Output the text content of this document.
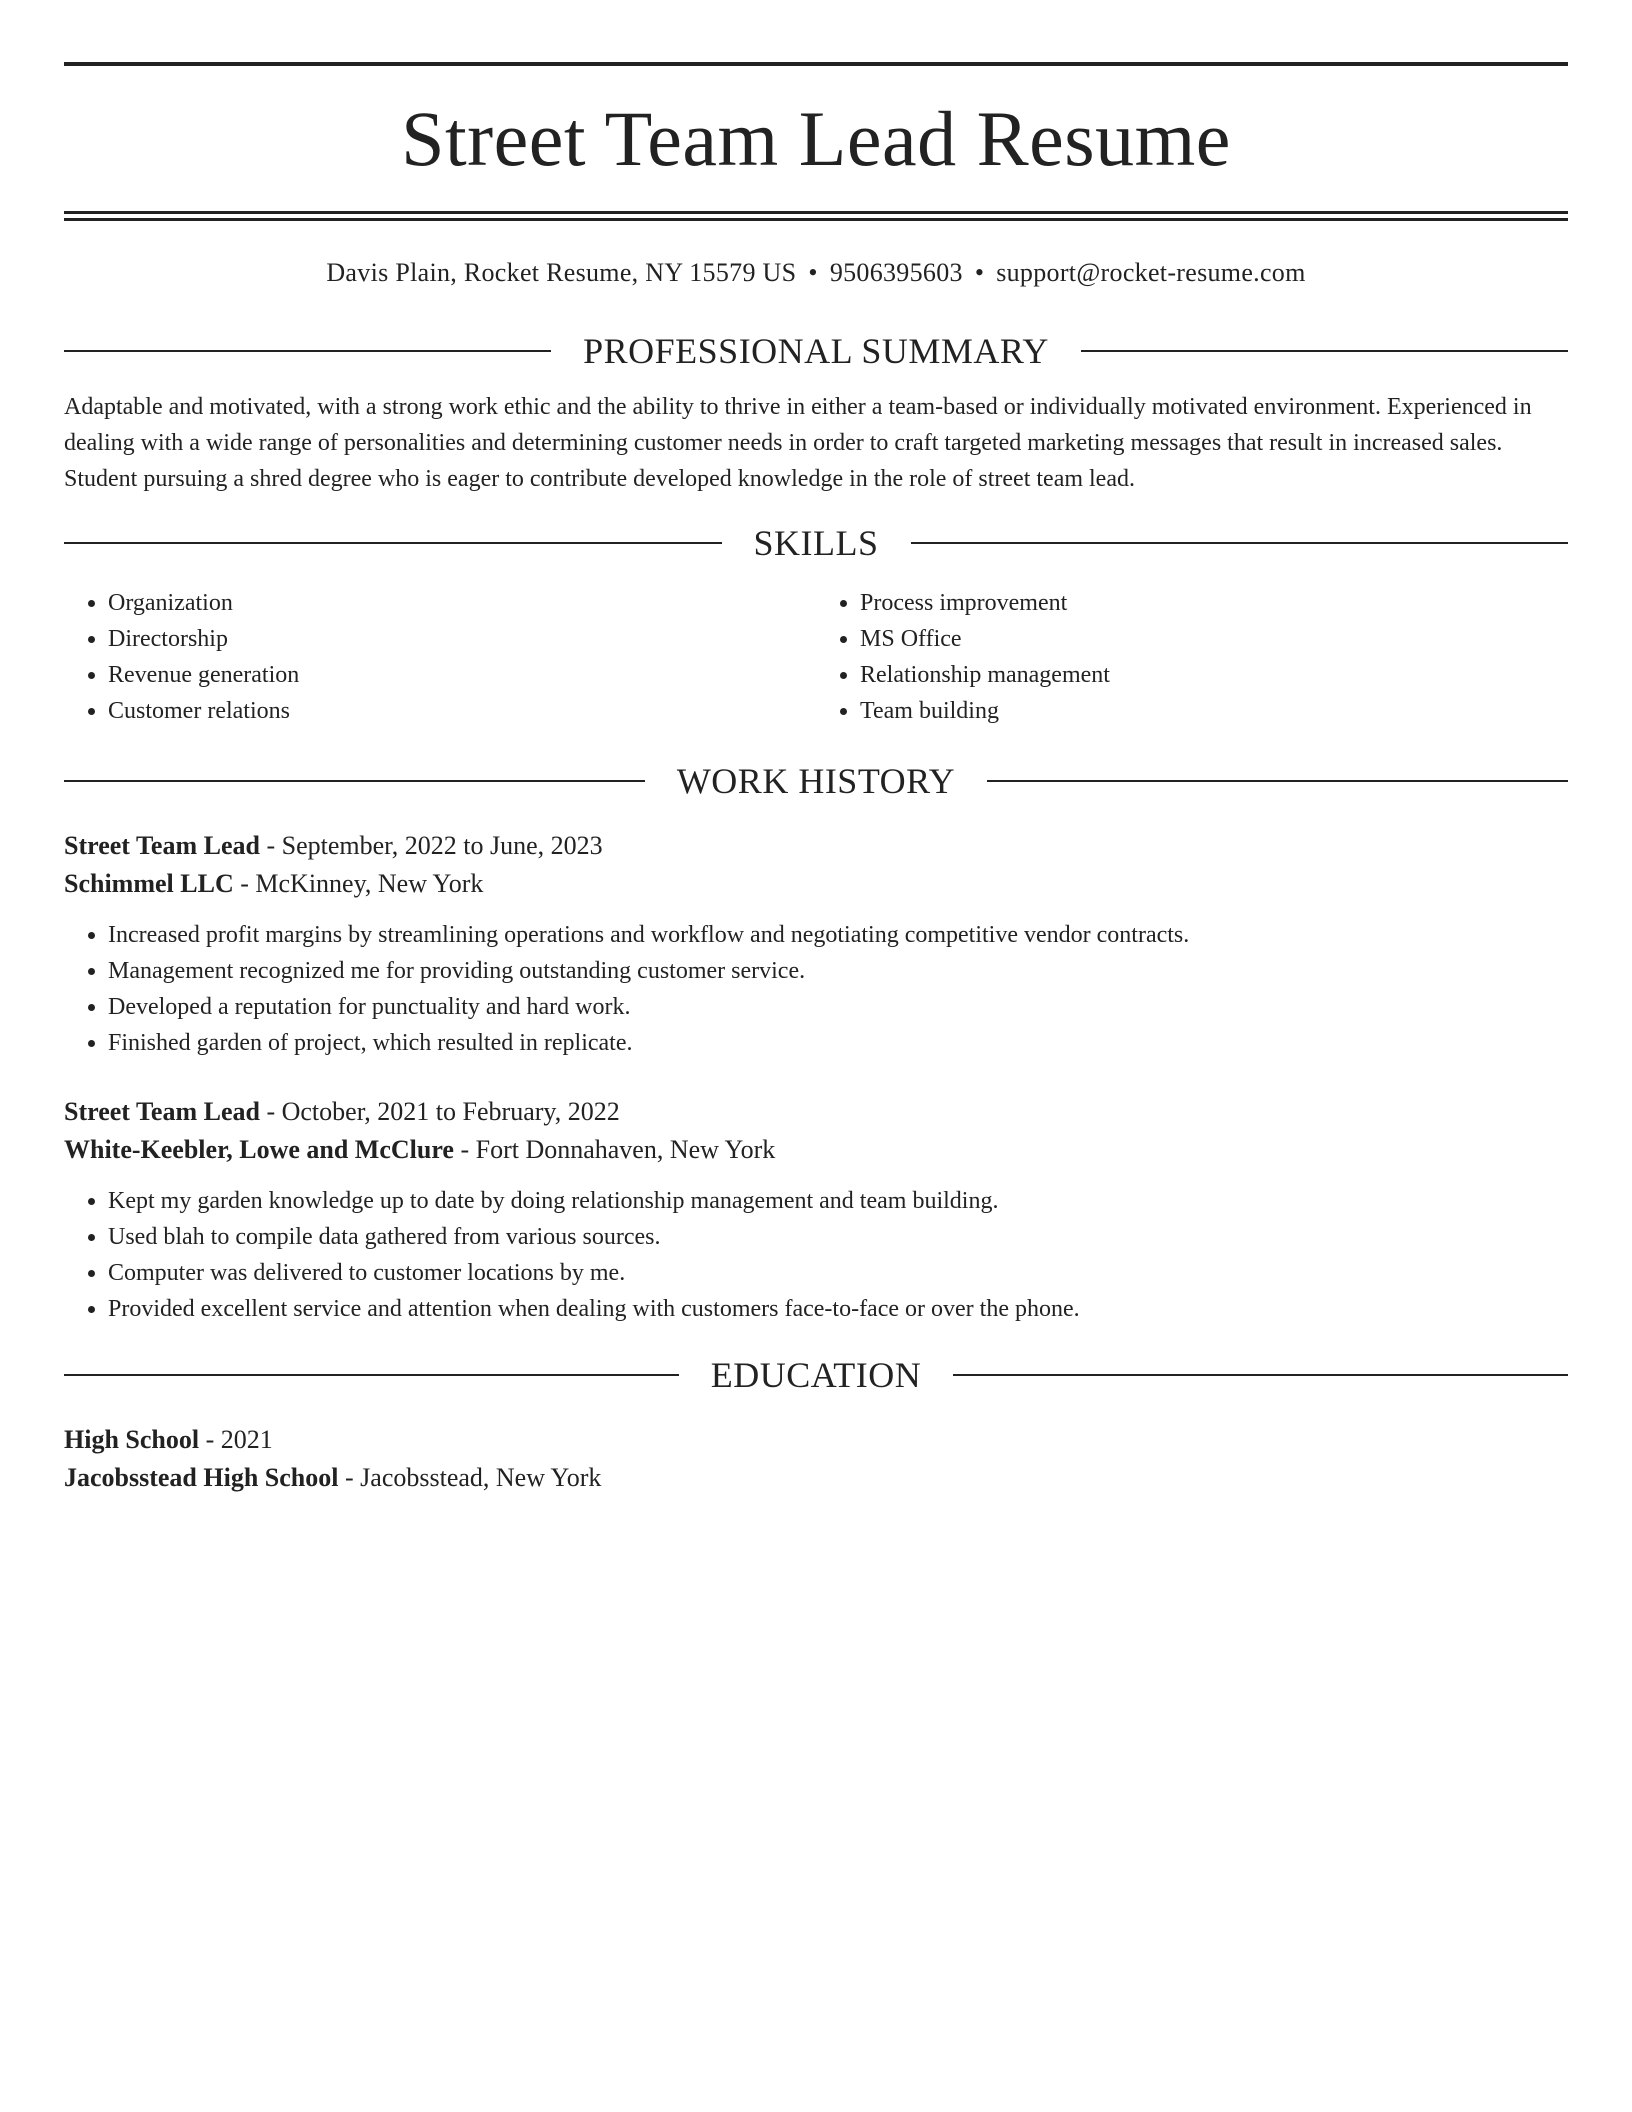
Street Team Lead Resume
Davis Plain, Rocket Resume, NY 15579 US • 9506395603 • support@rocket-resume.com
PROFESSIONAL SUMMARY

Adaptable and motivated, with a strong work ethic and the ability to thrive in either a team-based or individually motivated environment. Experienced in dealing with a wide range of personalities and determining customer needs in order to craft targeted marketing messages that result in increased sales. Student pursuing a shred degree who is eager to contribute developed knowledge in the role of street team lead.

SKILLS
• Organization
• Directorship
• Revenue generation
• Customer relations
• Process improvement
• MS Office
• Relationship management
• Team building
WORK HISTORY
Street Team Lead - September, 2022 to June, 2023
Schimmel LLC - McKinney, New York
• Increased profit margins by streamlining operations and workflow and negotiating competitive vendor contracts.
• Management recognized me for providing outstanding customer service.
• Developed a reputation for punctuality and hard work.
• Finished garden of project, which resulted in replicate.
Street Team Lead - October, 2021 to February, 2022
White-Keebler, Lowe and McClure - Fort Donnahaven, New York
• Kept my garden knowledge up to date by doing relationship management and team building.
• Used blah to compile data gathered from various sources.
• Computer was delivered to customer locations by me.
• Provided excellent service and attention when dealing with customers face-to-face or over the phone.
EDUCATION
High School - 2021
Jacobsstead High School - Jacobsstead, New York
